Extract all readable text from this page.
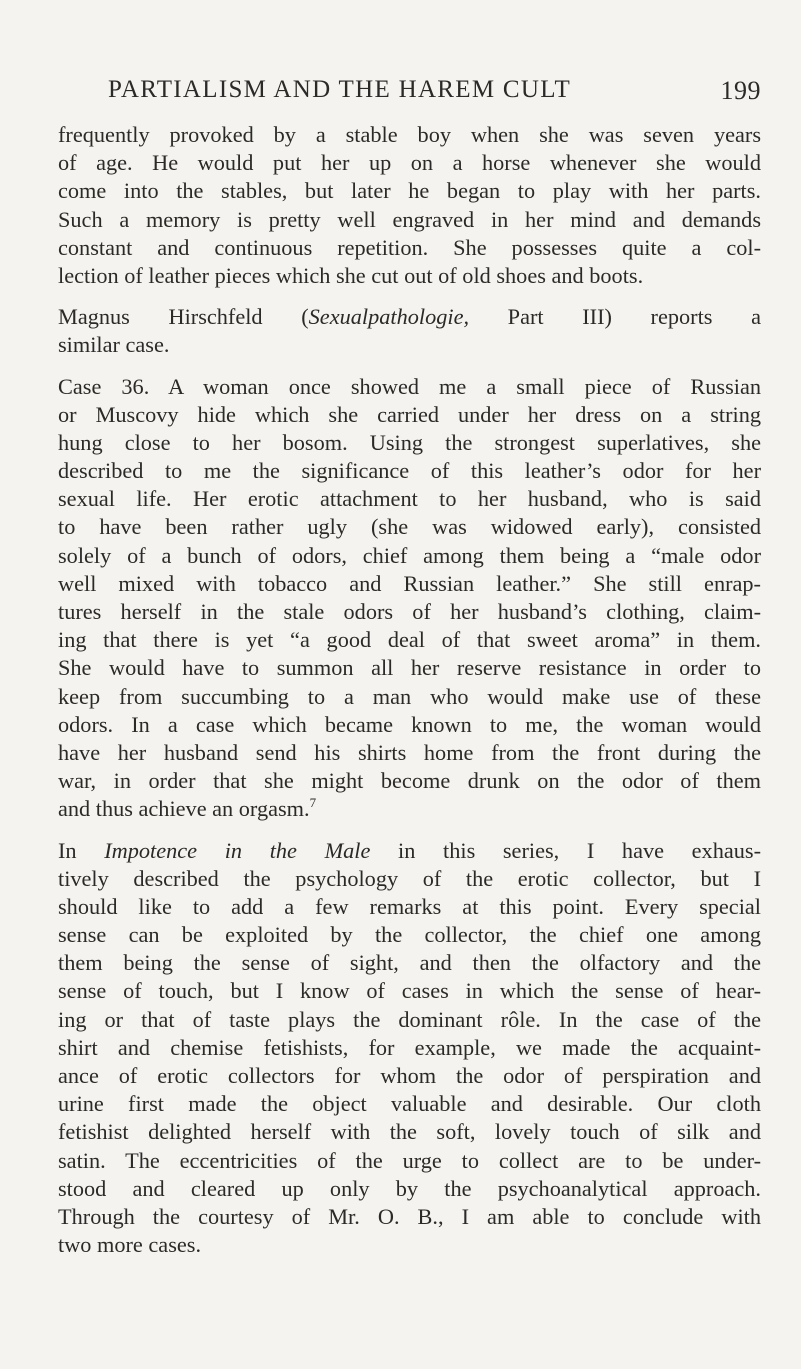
PARTIALISM AND THE HAREM CULT	199
frequently provoked by a stable boy when she was seven years
of age. He would put her up on a horse whenever she would
come into the stables, but later he began to play with her parts.
Such a memory is pretty well engraved in her mind and demands
constant and continuous repetition. She possesses quite a col-
lection of leather pieces which she cut out of old shoes and boots.
Magnus Hirschfeld (Sexualpathologie, Part III) reports a
similar case.
Case 36. A woman once showed me a small piece of Russian
or Muscovy hide which she carried under her dress on a string
hung close to her bosom. Using the strongest superlatives, she
described to me the significance of this leather’s odor for her
sexual life. Her erotic attachment to her husband, who is said
to have been rather ugly (she was widowed early), consisted
solely of a bunch of odors, chief among them being a “male odor
well mixed with tobacco and Russian leather.” She still enrap-
tures herself in the stale odors of her husband’s clothing, claim-
ing that there is yet “a good deal of that sweet aroma” in them.
She would have to summon all her reserve resistance in order to
keep from succumbing to a man who would make use of these
odors. In a case which became known to me, the woman would
have her husband send his shirts home from the front during the
war, in order that she might become drunk on the odor of them
and thus achieve an orgasm.$^7$
In Impotence in the Male in this series, I have exhaus-
tively described the psychology of the erotic collector, but I
should like to add a few remarks at this point. Every special
sense can be exploited by the collector, the chief one among
them being the sense of sight, and then the olfactory and the
sense of touch, but I know of cases in which the sense of hear-
ing or that of taste plays the dominant rôle. In the case of the
shirt and chemise fetishists, for example, we made the acquaint-
ance of erotic collectors for whom the odor of perspiration and
urine first made the object valuable and desirable. Our cloth
fetishist delighted herself with the soft, lovely touch of silk and
satin. The eccentricities of the urge to collect are to be under-
stood and cleared up only by the psychoanalytical approach.
Through the courtesy of Mr. O. B., I am able to conclude with
two more cases.
